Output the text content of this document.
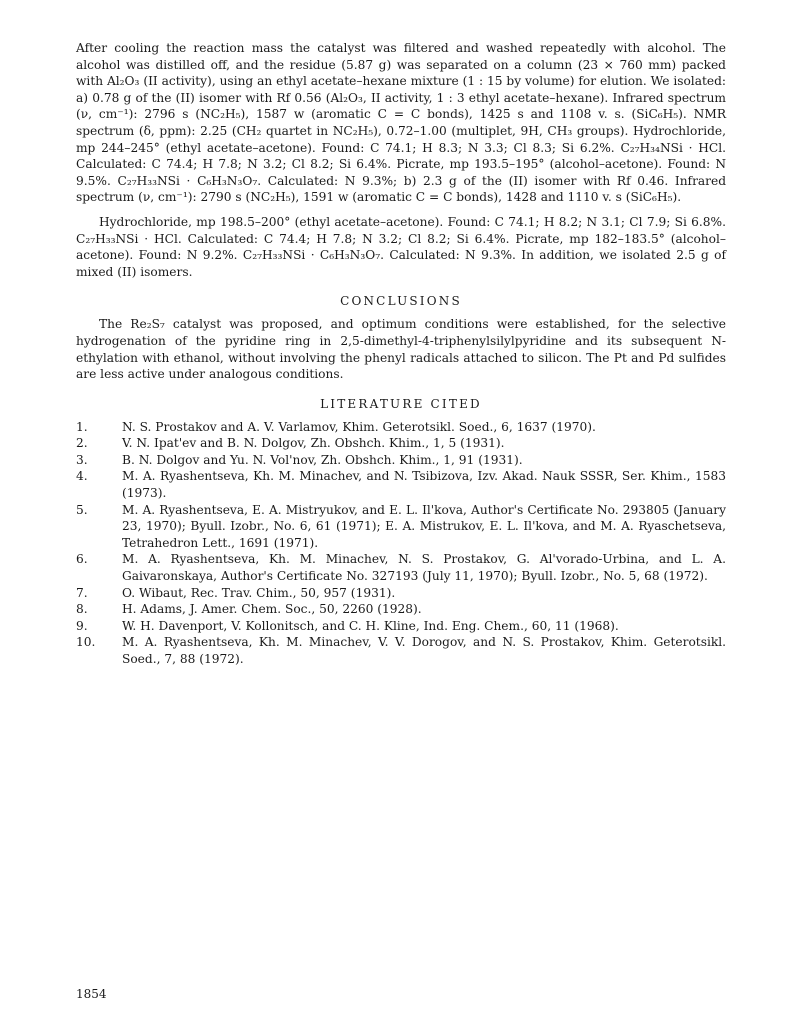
After cooling the reaction mass the catalyst was filtered and washed repeatedly with alcohol. The alcohol was distilled off, and the residue (5.87 g) was separated on a column (23 × 760 mm) packed with Al₂O₃ (II activity), using an ethyl acetate–hexane mixture (1 : 15 by volume) for elution. We isolated: a) 0.78 g of the (II) isomer with Rf 0.56 (Al₂O₃, II activity, 1 : 3 ethyl acetate–hexane). Infrared spectrum (ν, cm⁻¹): 2796 s (NC₂H₅), 1587 w (aromatic C = C bonds), 1425 s and 1108 v. s. (SiC₆H₅). NMR spectrum (δ, ppm): 2.25 (CH₂ quartet in NC₂H₅), 0.72–1.00 (multiplet, 9H, CH₃ groups). Hydrochloride, mp 244–245° (ethyl acetate–acetone). Found: C 74.1; H 8.3; N 3.3; Cl 8.3; Si 6.2%. C₂₇H₃₄NSi · HCl. Calculated: C 74.4; H 7.8; N 3.2; Cl 8.2; Si 6.4%. Picrate, mp 193.5–195° (alcohol–acetone). Found: N 9.5%. C₂₇H₃₃NSi · C₆H₃N₃O₇. Calculated: N 9.3%; b) 2.3 g of the (II) isomer with Rf 0.46. Infrared spectrum (ν, cm⁻¹): 2790 s (NC₂H₅), 1591 w (aromatic C = C bonds), 1428 and 1110 v. s (SiC₆H₅).

Hydrochloride, mp 198.5–200° (ethyl acetate–acetone). Found: C 74.1; H 8.2; N 3.1; Cl 7.9; Si 6.8%. C₂₇H₃₃NSi · HCl. Calculated: C 74.4; H 7.8; N 3.2; Cl 8.2; Si 6.4%. Picrate, mp 182–183.5° (alcohol–acetone). Found: N 9.2%. C₂₇H₃₃NSi · C₆H₃N₃O₇. Calculated: N 9.3%. In addition, we isolated 2.5 g of mixed (II) isomers.

CONCLUSIONS

The Re₂S₇ catalyst was proposed, and optimum conditions were established, for the selective hydrogenation of the pyridine ring in 2,5-dimethyl-4-triphenylsilylpyridine and its subsequent N-ethylation with ethanol, without involving the phenyl radicals attached to silicon. The Pt and Pd sulfides are less active under analogous conditions.

LITERATURE CITED
1.	N. S. Prostakov and A. V. Varlamov, Khim. Geterotsikl. Soed., 6, 1637 (1970).
2.	V. N. Ipat'ev and B. N. Dolgov, Zh. Obshch. Khim., 1, 5 (1931).
3.	B. N. Dolgov and Yu. N. Vol'nov, Zh. Obshch. Khim., 1, 91 (1931).
4.	M. A. Ryashentseva, Kh. M. Minachev, and N. Tsibizova, Izv. Akad. Nauk SSSR, Ser. Khim., 1583 (1973).
5.	M. A. Ryashentseva, E. A. Mistryukov, and E. L. Il'kova, Author's Certificate No. 293805 (January 23, 1970); Byull. Izobr., No. 6, 61 (1971); E. A. Mistrukov, E. L. Il'kova, and M. A. Ryaschetseva, Tetrahedron Lett., 1691 (1971).
6.	M. A. Ryashentseva, Kh. M. Minachev, N. S. Prostakov, G. Al'vorado-Urbina, and L. A. Gaivaronskaya, Author's Certificate No. 327193 (July 11, 1970); Byull. Izobr., No. 5, 68 (1972).
7.	O. Wibaut, Rec. Trav. Chim., 50, 957 (1931).
8.	H. Adams, J. Amer. Chem. Soc., 50, 2260 (1928).
9.	W. H. Davenport, V. Kollonitsch, and C. H. Kline, Ind. Eng. Chem., 60, 11 (1968).
10.	M. A. Ryashentseva, Kh. M. Minachev, V. V. Dorogov, and N. S. Prostakov, Khim. Geterotsikl. Soed., 7, 88 (1972).
1854
